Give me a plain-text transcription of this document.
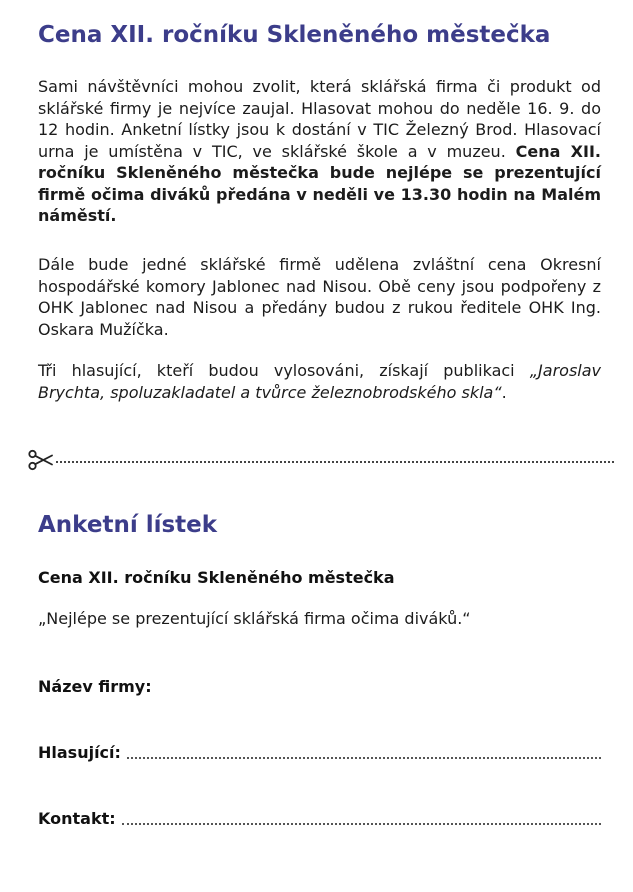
Cena XII. ročníku Skleněného městečka

Sami návštěvníci mohou zvolit, která sklářská firma či produkt od sklářské firmy je nejvíce zaujal. Hlasovat mohou do neděle 16. 9. do 12 hodin. Anketní lístky jsou k dostání v TIC Železný Brod. Hlasovací urna je umístěna v TIC, ve sklářské škole a v muzeu. Cena XII. ročníku Skleněného městečka bude nejlépe se prezentující firmě očima diváků předána v neděli ve 13.30 hodin na Malém náměstí.

Dále bude jedné sklářské firmě udělena zvláštní cena Okresní hospodářské komory Jablonec nad Nisou. Obě ceny jsou podpořeny z OHK Jablonec nad Nisou a předány budou z rukou ředitele OHK Ing. Oskara Mužíčka.

Tři hlasující, kteří budou vylosováni, získají publikaci „Jaroslav Brychta, spoluzakladatel a tvůrce železnobrodského skla“.

Anketní lístek

Cena XII. ročníku Skleněného městečka

„Nejlépe se prezentující sklářská firma očima diváků.“

Název firmy:
Hlasující:
Kontakt:
